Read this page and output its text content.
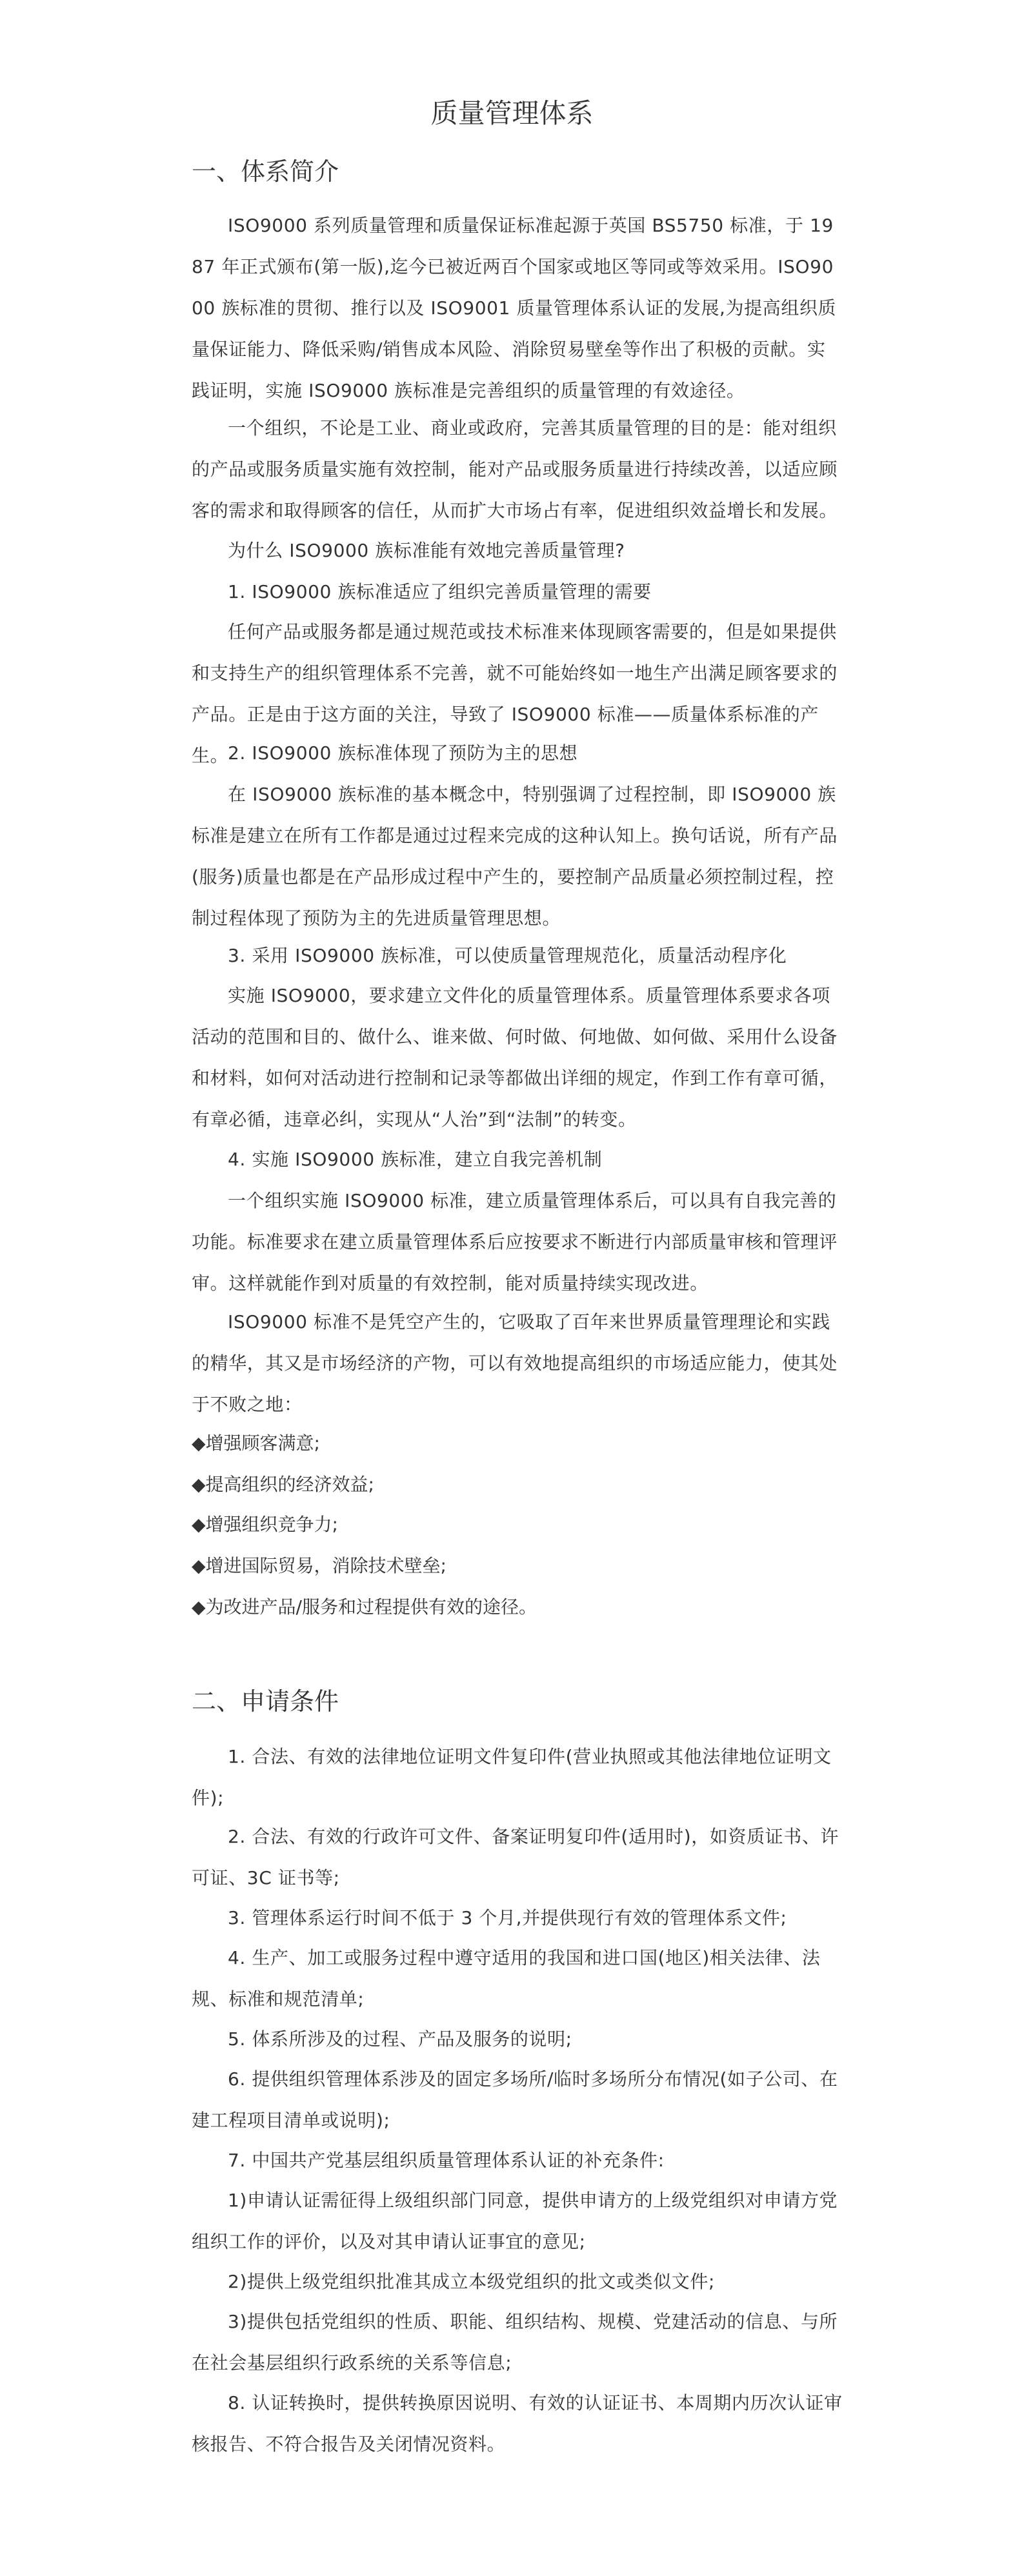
质量管理体系
一、体系简介

ISO9000 系列质量管理和质量保证标准起源于英国 BS5750 标准，于 1987 年正式颁布(第一版),迄今已被近两百个国家或地区等同或等效采用。ISO9000 族标准的贯彻、推行以及 ISO9001 质量管理体系认证的发展,为提高组织质量保证能力、降低采购/销售成本风险、消除贸易壁垒等作出了积极的贡献。实践证明，实施 ISO9000 族标准是完善组织的质量管理的有效途径。

一个组织，不论是工业、商业或政府，完善其质量管理的目的是：能对组织的产品或服务质量实施有效控制，能对产品或服务质量进行持续改善，以适应顾客的需求和取得顾客的信任，从而扩大市场占有率，促进组织效益增长和发展。

为什么 ISO9000 族标准能有效地完善质量管理?

1. ISO9000 族标准适应了组织完善质量管理的需要

任何产品或服务都是通过规范或技术标准来体现顾客需要的，但是如果提供和支持生产的组织管理体系不完善，就不可能始终如一地生产出满足顾客要求的产品。正是由于这方面的关注，导致了 ISO9000 标准——质量体系标准的产生。

2. ISO9000 族标准体现了预防为主的思想

在 ISO9000 族标准的基本概念中，特别强调了过程控制，即 ISO9000 族标准是建立在所有工作都是通过过程来完成的这种认知上。换句话说，所有产品(服务)质量也都是在产品形成过程中产生的，要控制产品质量必须控制过程，控制过程体现了预防为主的先进质量管理思想。

3. 采用 ISO9000 族标准，可以使质量管理规范化，质量活动程序化

实施 ISO9000，要求建立文件化的质量管理体系。质量管理体系要求各项活动的范围和目的、做什么、谁来做、何时做、何地做、如何做、采用什么设备和材料，如何对活动进行控制和记录等都做出详细的规定，作到工作有章可循，有章必循，违章必纠，实现从“人治”到“法制”的转变。

4. 实施 ISO9000 族标准，建立自我完善机制

一个组织实施 ISO9000 标准，建立质量管理体系后，可以具有自我完善的功能。标准要求在建立质量管理体系后应按要求不断进行内部质量审核和管理评审。这样就能作到对质量的有效控制，能对质量持续实现改进。

ISO9000 标准不是凭空产生的，它吸取了百年来世界质量管理理论和实践的精华，其又是市场经济的产物，可以有效地提高组织的市场适应能力，使其处于不败之地：

◆增强顾客满意;
◆提高组织的经济效益;
◆增强组织竞争力;
◆增进国际贸易，消除技术壁垒;
◆为改进产品/服务和过程提供有效的途径。
二、申请条件

1. 合法、有效的法律地位证明文件复印件(营业执照或其他法律地位证明文件);

2. 合法、有效的行政许可文件、备案证明复印件(适用时)，如资质证书、许可证、3C 证书等;

3. 管理体系运行时间不低于 3 个月,并提供现行有效的管理体系文件;

4. 生产、加工或服务过程中遵守适用的我国和进口国(地区)相关法律、法规、标准和规范清单;

5. 体系所涉及的过程、产品及服务的说明;

6. 提供组织管理体系涉及的固定多场所/临时多场所分布情况(如子公司、在建工程项目清单或说明);

7. 中国共产党基层组织质量管理体系认证的补充条件:

1)申请认证需征得上级组织部门同意，提供申请方的上级党组织对申请方党组织工作的评价，以及对其申请认证事宜的意见;

2)提供上级党组织批准其成立本级党组织的批文或类似文件;

3)提供包括党组织的性质、职能、组织结构、规模、党建活动的信息、与所在社会基层组织行政系统的关系等信息;

8. 认证转换时，提供转换原因说明、有效的认证证书、本周期内历次认证审核报告、不符合报告及关闭情况资料。
